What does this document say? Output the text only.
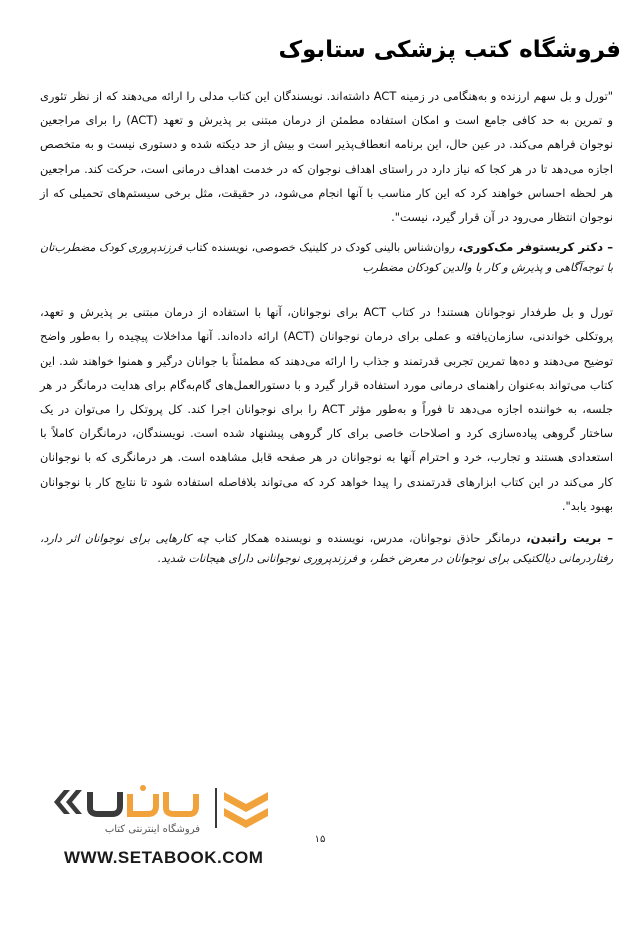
فروشگاه کتب پزشکی ستابوک

"تورل و بل سهم ارزنده و به‌هنگامی در زمینه ACT داشته‌اند. نویسندگان این کتاب مدلی را ارائه می‌دهند که از نظر تئوری و تمرین به حد کافی جامع است و امکان استفاده مطمئن از درمان مبتنی بر پذیرش و تعهد (ACT) را برای مراجعین نوجوان فراهم می‌کند. در عین حال، این برنامه انعطاف‌پذیر است و بیش از حد دیکته شده و دستوری نیست و به متخصص اجازه می‌دهد تا در هر کجا که نیاز دارد در راستای اهداف نوجوان که در خدمت اهداف درمانی است، حرکت کند. مراجعین هر لحظه احساس خواهند کرد که این کار مناسب با آنها انجام می‌شود، در حقیقت، مثل برخی سیستم‌های تحمیلی که از نوجوان انتظار می‌رود در آن قرار گیرد، نیست".

– دکتر کریستوفر مک‌کوری، روان‌شناس بالینی کودک در کلینیک خصوصی، نویسنده کتاب فرزندپروری کودک مضطرب‌تان با توجه‌آگاهی و پذیرش و کار با والدین کودکان مضطرب

تورل و بل طرفدار نوجوانان هستند! در کتاب ACT برای نوجوانان، آنها با استفاده از درمان مبتنی بر پذیرش و تعهد، پروتکلی خواندنی، سازمان‌یافته و عملی برای درمان نوجوانان (ACT) ارائه داده‌اند. آنها مداخلات پیچیده را به‌طور واضح توضیح می‌دهند و ده‌ها تمرین تجربی قدرتمند و جذاب را ارائه می‌دهند که مطمئناً با جوانان درگیر و همنوا خواهند شد. این کتاب می‌تواند به‌عنوان راهنمای درمانی مورد استفاده قرار گیرد و با دستورالعمل‌های گام‌به‌گام برای هدایت درمانگر در هر جلسه، به خواننده اجازه می‌دهد تا فوراً و به‌طور مؤثر ACT را برای نوجوانان اجرا کند. کل پروتکل را می‌توان در یک ساختار گروهی پیاده‌سازی کرد و اصلاحات خاصی برای کار گروهی پیشنهاد شده است. نویسندگان، درمانگران کاملاً با استعدادی هستند و تجارب، خرد و احترام آنها به نوجوانان در هر صفحه قابل مشاهده است. هر درمانگری که با نوجوانان کار می‌کند در این کتاب ابزارهای قدرتمندی را پیدا خواهد کرد که می‌تواند بلافاصله استفاده شود تا نتایج کار با نوجوانان بهبود یابد".

– بریت راتبدن، درمانگر حاذق نوجوانان، مدرس، نویسنده و نویسنده همکار کتاب چه کارهایی برای نوجوانان اثر دارد، رفتاردرمانی دیالکتیکی برای نوجوانان در معرض خطر، و فرزندپروری نوجوانانی دارای هیجانات شدید.

۱۵
فروشگاه اینترنتی کتاب
WWW.SETABOOK.COM
